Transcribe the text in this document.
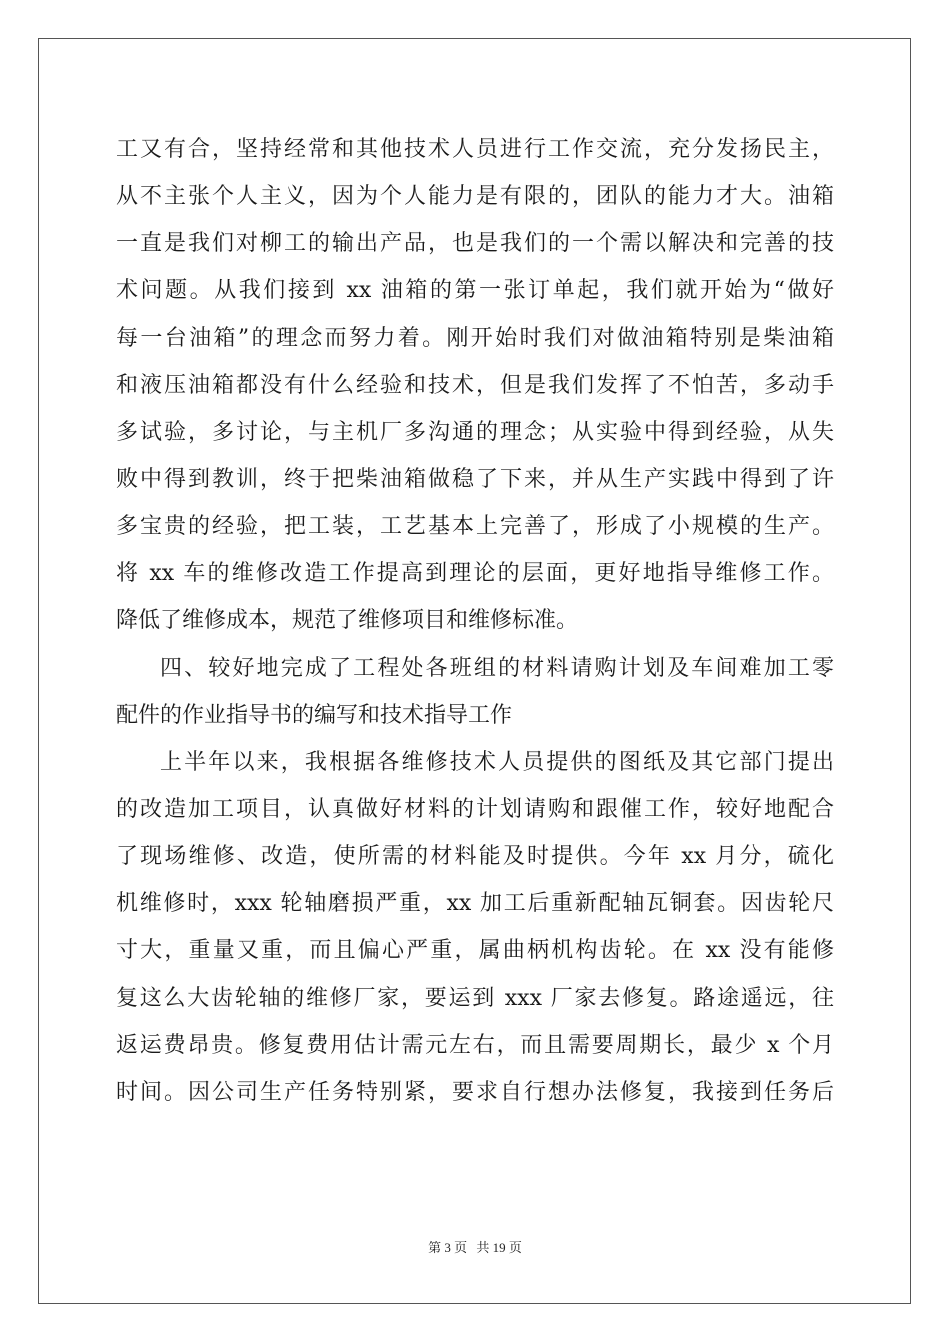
工又有合，坚持经常和其他技术人员进行工作交流，充分发扬民主，
从不主张个人主义，因为个人能力是有限的，团队的能力才大。油箱
一直是我们对柳工的输出产品，也是我们的一个需以解决和完善的技
术问题。从我们接到 xx 油箱的第一张订单起，我们就开始为“做好
每一台油箱”的理念而努力着。刚开始时我们对做油箱特别是柴油箱
和液压油箱都没有什么经验和技术，但是我们发挥了不怕苦，多动手
多试验，多讨论，与主机厂多沟通的理念；从实验中得到经验，从失
败中得到教训，终于把柴油箱做稳了下来，并从生产实践中得到了许
多宝贵的经验，把工装，工艺基本上完善了，形成了小规模的生产。
将 xx 车的维修改造工作提高到理论的层面，更好地指导维修工作。
降低了维修成本，规范了维修项目和维修标准。
四、较好地完成了工程处各班组的材料请购计划及车间难加工零
配件的作业指导书的编写和技术指导工作
上半年以来，我根据各维修技术人员提供的图纸及其它部门提出
的改造加工项目，认真做好材料的计划请购和跟催工作，较好地配合
了现场维修、改造，使所需的材料能及时提供。今年 xx 月分，硫化
机维修时，xxx 轮轴磨损严重，xx 加工后重新配轴瓦铜套。因齿轮尺
寸大，重量又重，而且偏心严重，属曲柄机构齿轮。在 xx 没有能修
复这么大齿轮轴的维修厂家，要运到 xxx 厂家去修复。路途遥远，往
返运费昂贵。修复费用估计需元左右，而且需要周期长，最少 x 个月
时间。因公司生产任务特别紧，要求自行想办法修复，我接到任务后
第 3 页 共 19 页
